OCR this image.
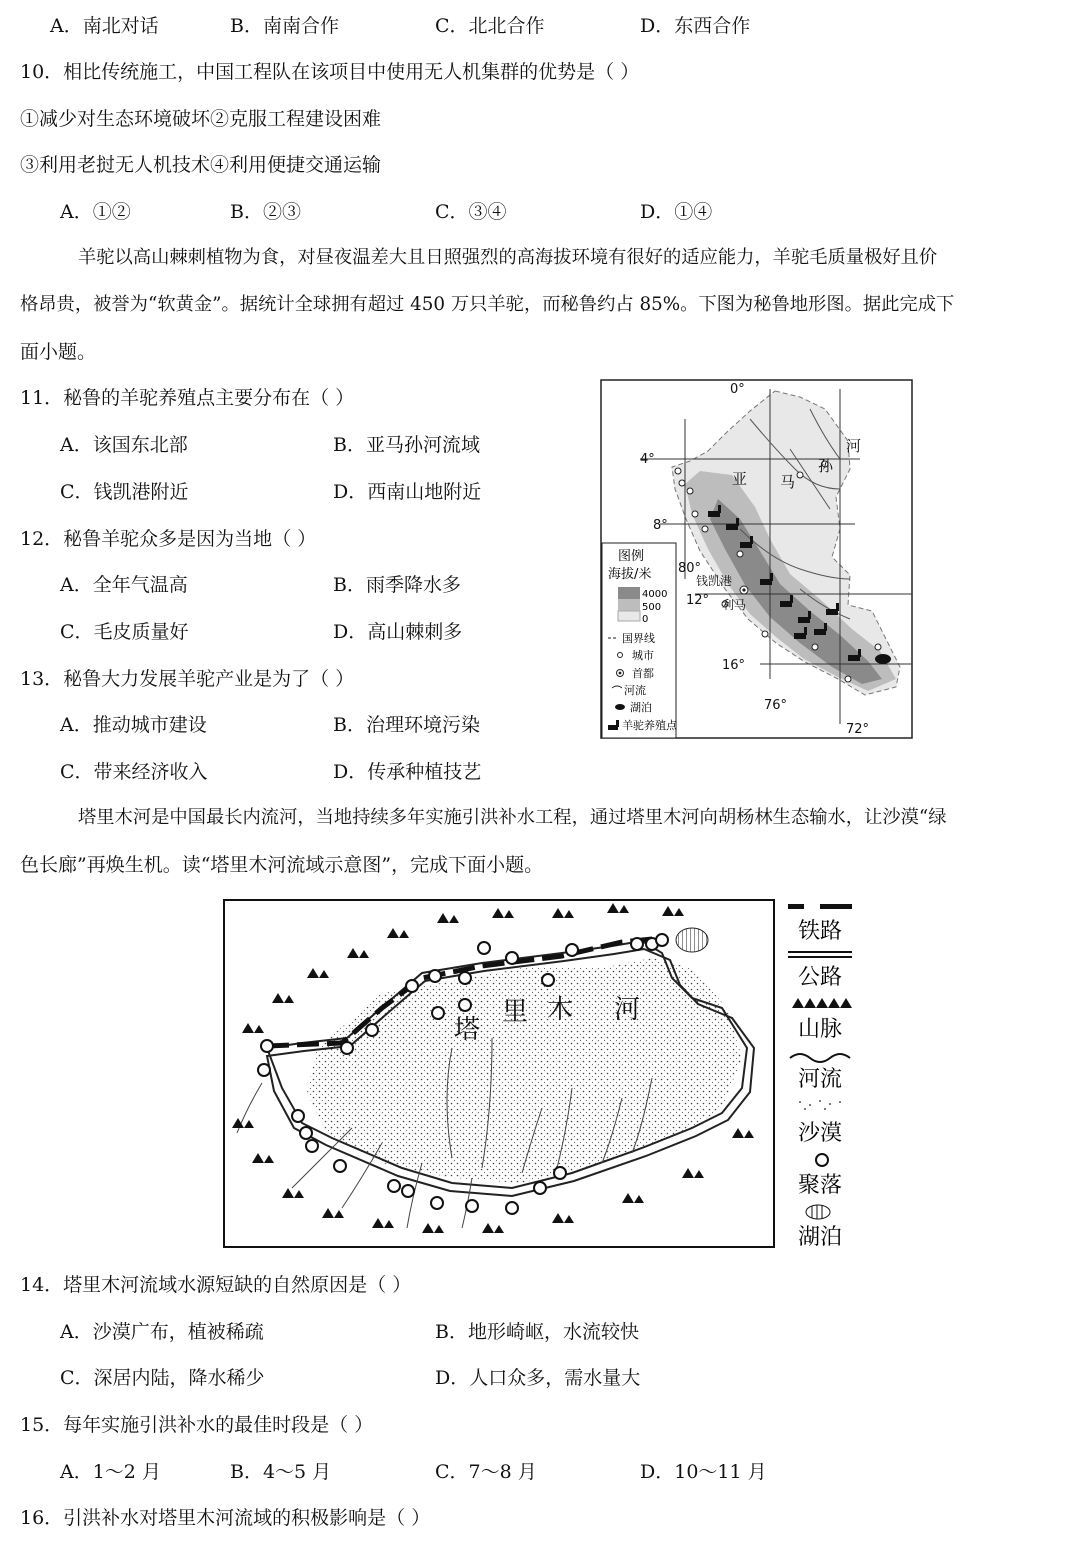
A．南北对话	B．南南合作	C．北北合作	D．东西合作
10．相比传统施工，中国工程队在该项目中使用无人机集群的优势是（ ）
①减少对生态环境破坏②克服工程建设困难
③利用老挝无人机技术④利用便捷交通运输
A．①②	B．②③	C．③④	D．①④
羊驼以高山棘刺植物为食，对昼夜温差大且日照强烈的高海拔环境有很好的适应能力，羊驼毛质量极好且价
格昂贵，被誉为“软黄金”。据统计全球拥有超过 450 万只羊驼，而秘鲁约占 85%。下图为秘鲁地形图。据此完成下
面小题。
11．秘鲁的羊驼养殖点主要分布在（ ）
A．该国东北部	B．亚马孙河流域
C．钱凯港附近	D．西南山地附近
12．秘鲁羊驼众多是因为当地（ ）
A．全年气温高	B．雨季降水多
C．毛皮质量好	D．高山棘刺多
13．秘鲁大力发展羊驼产业是为了（ ）
A．推动城市建设	B．治理环境污染
C．带来经济收入	D．传承种植技艺
0°
4°
8°
12°
16°
80°
76°
72°
亚 马
孙
河
钱凯港
利马
图例
海拔/米
4000
500
0
国界线
城市
首都
河流
湖泊
羊驼养殖点
塔里木河是中国最长内流河，当地持续多年实施引洪补水工程，通过塔里木河向胡杨林生态输水，让沙漠“绿
色长廊”再焕生机。读“塔里木河流域示意图”，完成下面小题。
塔
里 木 河
铁路
公路
山脉
河流
沙漠
聚落
湖泊
14．塔里木河流域水源短缺的自然原因是（ ）
A．沙漠广布，植被稀疏	B．地形崎岖，水流较快
C．深居内陆，降水稀少	D．人口众多，需水量大
15．每年实施引洪补水的最佳时段是（ ）
A．1～2 月	B．4～5 月	C．7～8 月	D．10～11 月
16．引洪补水对塔里木河流域的积极影响是（ ）
